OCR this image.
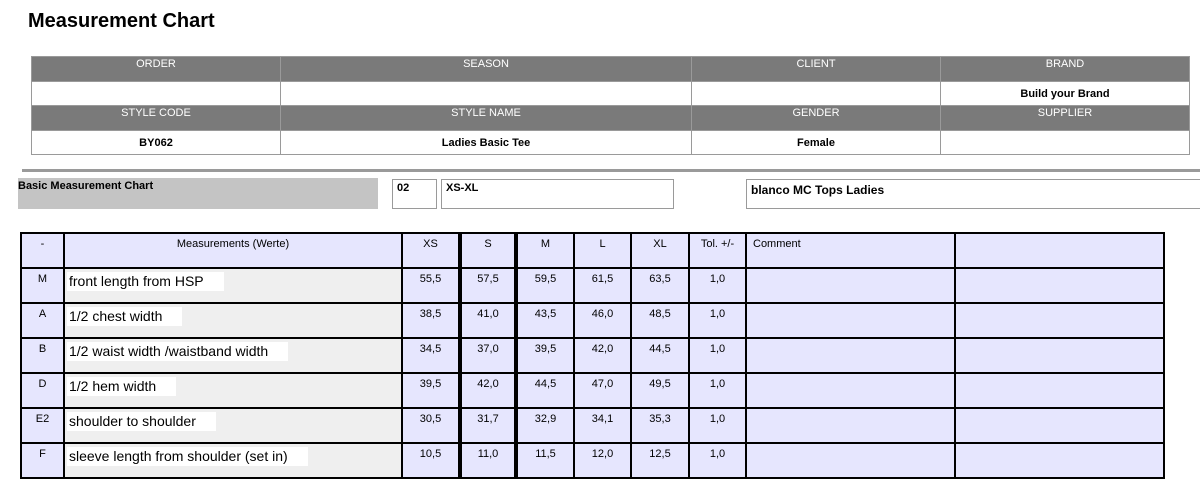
Measurement Chart
ORDER	SEASON	CLIENT	BRAND
			Build your Brand
STYLE CODE	STYLE NAME	GENDER	SUPPLIER
BY062	Ladies Basic Tee	Female	
Basic Measurement Chart	02	XS-XL	blanco MC Tops Ladies
-	Measurements (Werte)	XS	S	M	L	XL	Tol. +/-	Comment	
M	front length from HSP	55,5	57,5	59,5	61,5	63,5	1,0		
A	1/2 chest width	38,5	41,0	43,5	46,0	48,5	1,0		
B	1/2 waist width /waistband width	34,5	37,0	39,5	42,0	44,5	1,0		
D	1/2 hem width	39,5	42,0	44,5	47,0	49,5	1,0		
E2	shoulder to shoulder	30,5	31,7	32,9	34,1	35,3	1,0		
F	sleeve length from shoulder (set in)	10,5	11,0	11,5	12,0	12,5	1,0		
